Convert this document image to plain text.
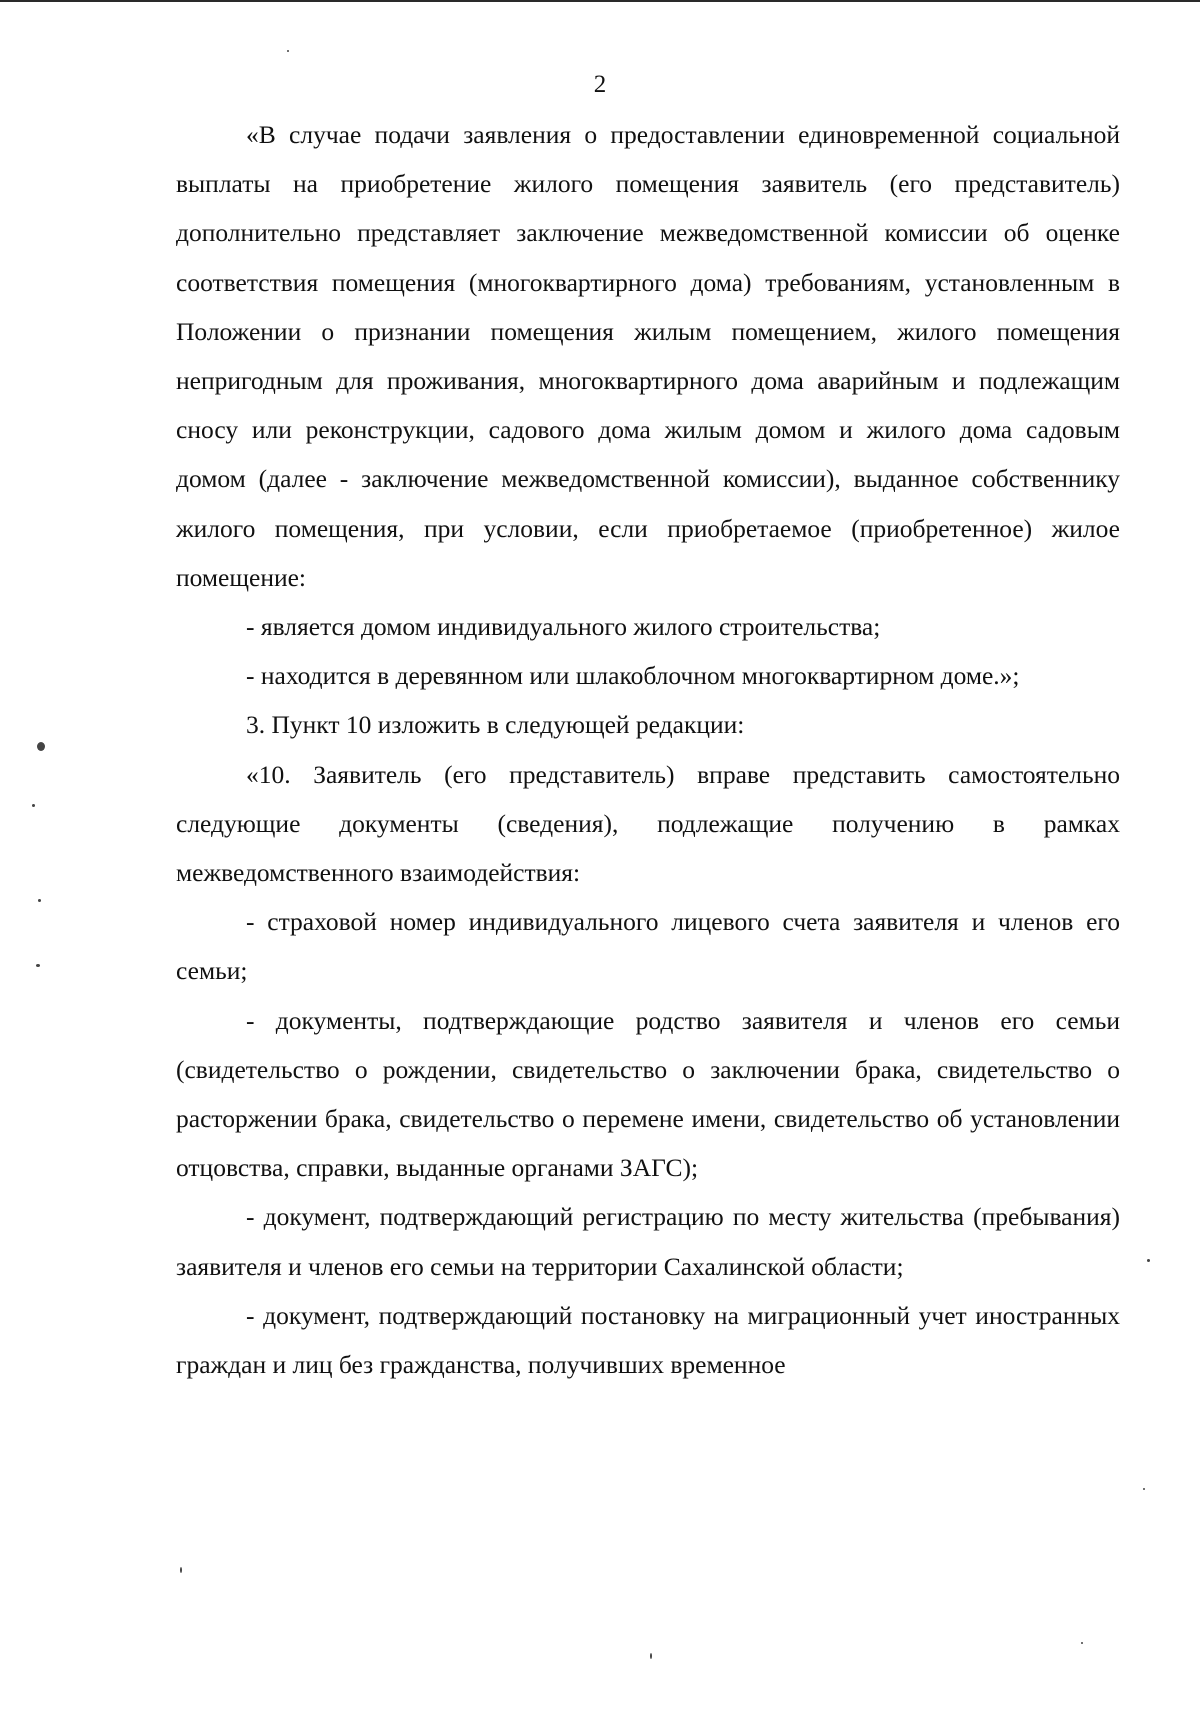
2

«В случае подачи заявления о предоставлении единовременной социальной выплаты на приобретение жилого помещения заявитель (его представитель) дополнительно представляет заключение межведомственной комиссии об оценке соответствия помещения (многоквартирного дома) требованиям, установленным в Положении о признании помещения жилым помещением, жилого помещения непригодным для проживания, многоквартирного дома аварийным и подлежащим сносу или реконструкции, садового дома жилым домом и жилого дома садовым домом (далее - заключение межведомственной комиссии), выданное собственнику жилого помещения, при условии, если приобретаемое (приобретенное) жилое помещение:

- является домом индивидуального жилого строительства;

- находится в деревянном или шлакоблочном многоквартирном доме.»;

3. Пункт 10 изложить в следующей редакции:

«10. Заявитель (его представитель) вправе представить самостоятельно следующие документы (сведения), подлежащие получению в рамках межведомственного взаимодействия:

- страховой номер индивидуального лицевого счета заявителя и членов его семьи;

- документы, подтверждающие родство заявителя и членов его семьи (свидетельство о рождении, свидетельство о заключении брака, свидетельство о расторжении брака, свидетельство о перемене имени, свидетельство об установлении отцовства, справки, выданные органами ЗАГС);

- документ, подтверждающий регистрацию по месту жительства (пребывания) заявителя и членов его семьи на территории Сахалинской области;

- документ, подтверждающий постановку на миграционный учет иностранных граждан и лиц без гражданства, получивших временное
